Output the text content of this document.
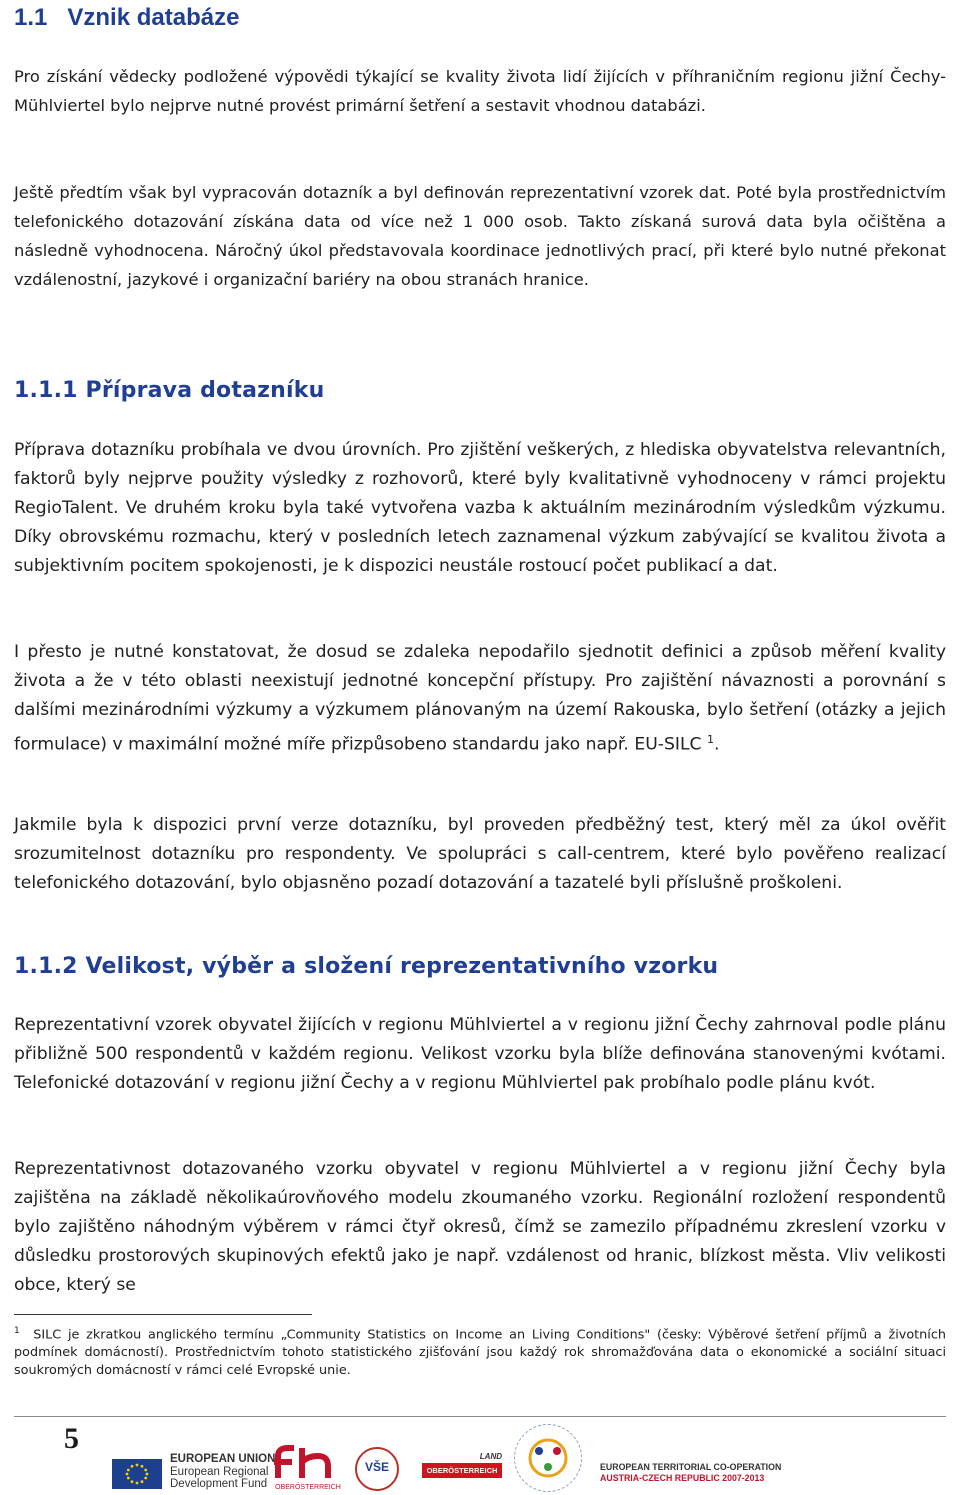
1.1 Vznik databáze

Pro získání vědecky podložené výpovědi týkající se kvality života lidí žijících v příhraničním regionu jižní Čechy-Mühlviertel bylo nejprve nutné provést primární šetření a sestavit vhodnou databázi.

Ještě předtím však byl vypracován dotazník a byl definován reprezentativní vzorek dat. Poté byla prostřednictvím telefonického dotazování získána data od více než 1 000 osob. Takto získaná surová data byla očištěna a následně vyhodnocena. Náročný úkol představovala koordinace jednotlivých prací, při které bylo nutné překonat vzdálenostní, jazykové i organizační bariéry na obou stranách hranice.

1.1.1 Příprava dotazníku

Příprava dotazníku probíhala ve dvou úrovních. Pro zjištění veškerých, z hlediska obyvatelstva relevantních, faktorů byly nejprve použity výsledky z rozhovorů, které byly kvalitativně vyhodnoceny v rámci projektu RegioTalent. Ve druhém kroku byla také vytvořena vazba k aktuálním mezinárodním výsledkům výzkumu. Díky obrovskému rozmachu, který v posledních letech zaznamenal výzkum zabývající se kvalitou života a subjektivním pocitem spokojenosti, je k dispozici neustále rostoucí počet publikací a dat.

I přesto je nutné konstatovat, že dosud se zdaleka nepodařilo sjednotit definici a způsob měření kvality života a že v této oblasti neexistují jednotné koncepční přístupy. Pro zajištění návaznosti a porovnání s dalšími mezinárodními výzkumy a výzkumem plánovaným na území Rakouska, bylo šetření (otázky a jejich formulace) v maximální možné míře přizpůsobeno standardu jako např. EU-SILC $^1$.

Jakmile byla k dispozici první verze dotazníku, byl proveden předběžný test, který měl za úkol ověřit srozumitelnost dotazníku pro respondenty. Ve spolupráci s call-centrem, které bylo pověřeno realizací telefonického dotazování, bylo objasněno pozadí dotazování a tazatelé byli příslušně proškoleni.

1.1.2 Velikost, výběr a složení reprezentativního vzorku

Reprezentativní vzorek obyvatel žijících v regionu Mühlviertel a v regionu jižní Čechy zahrnoval podle plánu přibližně 500 respondentů v každém regionu. Velikost vzorku byla blíže definována stanovenými kvótami. Telefonické dotazování v regionu jižní Čechy a v regionu Mühlviertel pak probíhalo podle plánu kvót.

Reprezentativnost dotazovaného vzorku obyvatel v regionu Mühlviertel a v regionu jižní Čechy byla zajištěna na základě několikaúrovňového modelu zkoumaného vzorku. Regionální rozložení respondentů bylo zajištěno náhodným výběrem v rámci čtyř okresů, čímž se zamezilo případnému zkreslení vzorku v důsledku prostorových skupinových efektů jako je např. vzdálenost od hranic, blízkost města. Vliv velikosti obce, který se

$^1$ SILC je zkratkou anglického termínu „Community Statistics on Income an Living Conditions" (česky: Výběrové šetření příjmů a životních podmínek domácností). Prostřednictvím tohoto statistického zjišťování jsou každý rok shromažďována data o ekonomické a sociální situaci soukromých domácností v rámci celé Evropské unie.

5
EUROPEAN UNION
European Regional
Development Fund	OBERÖSTERREICH
VŠE
LAND
OBERÖSTERREICH	EUROPEAN TERRITORIAL CO-OPERATION
AUSTRIA-CZECH REPUBLIC 2007-2013
